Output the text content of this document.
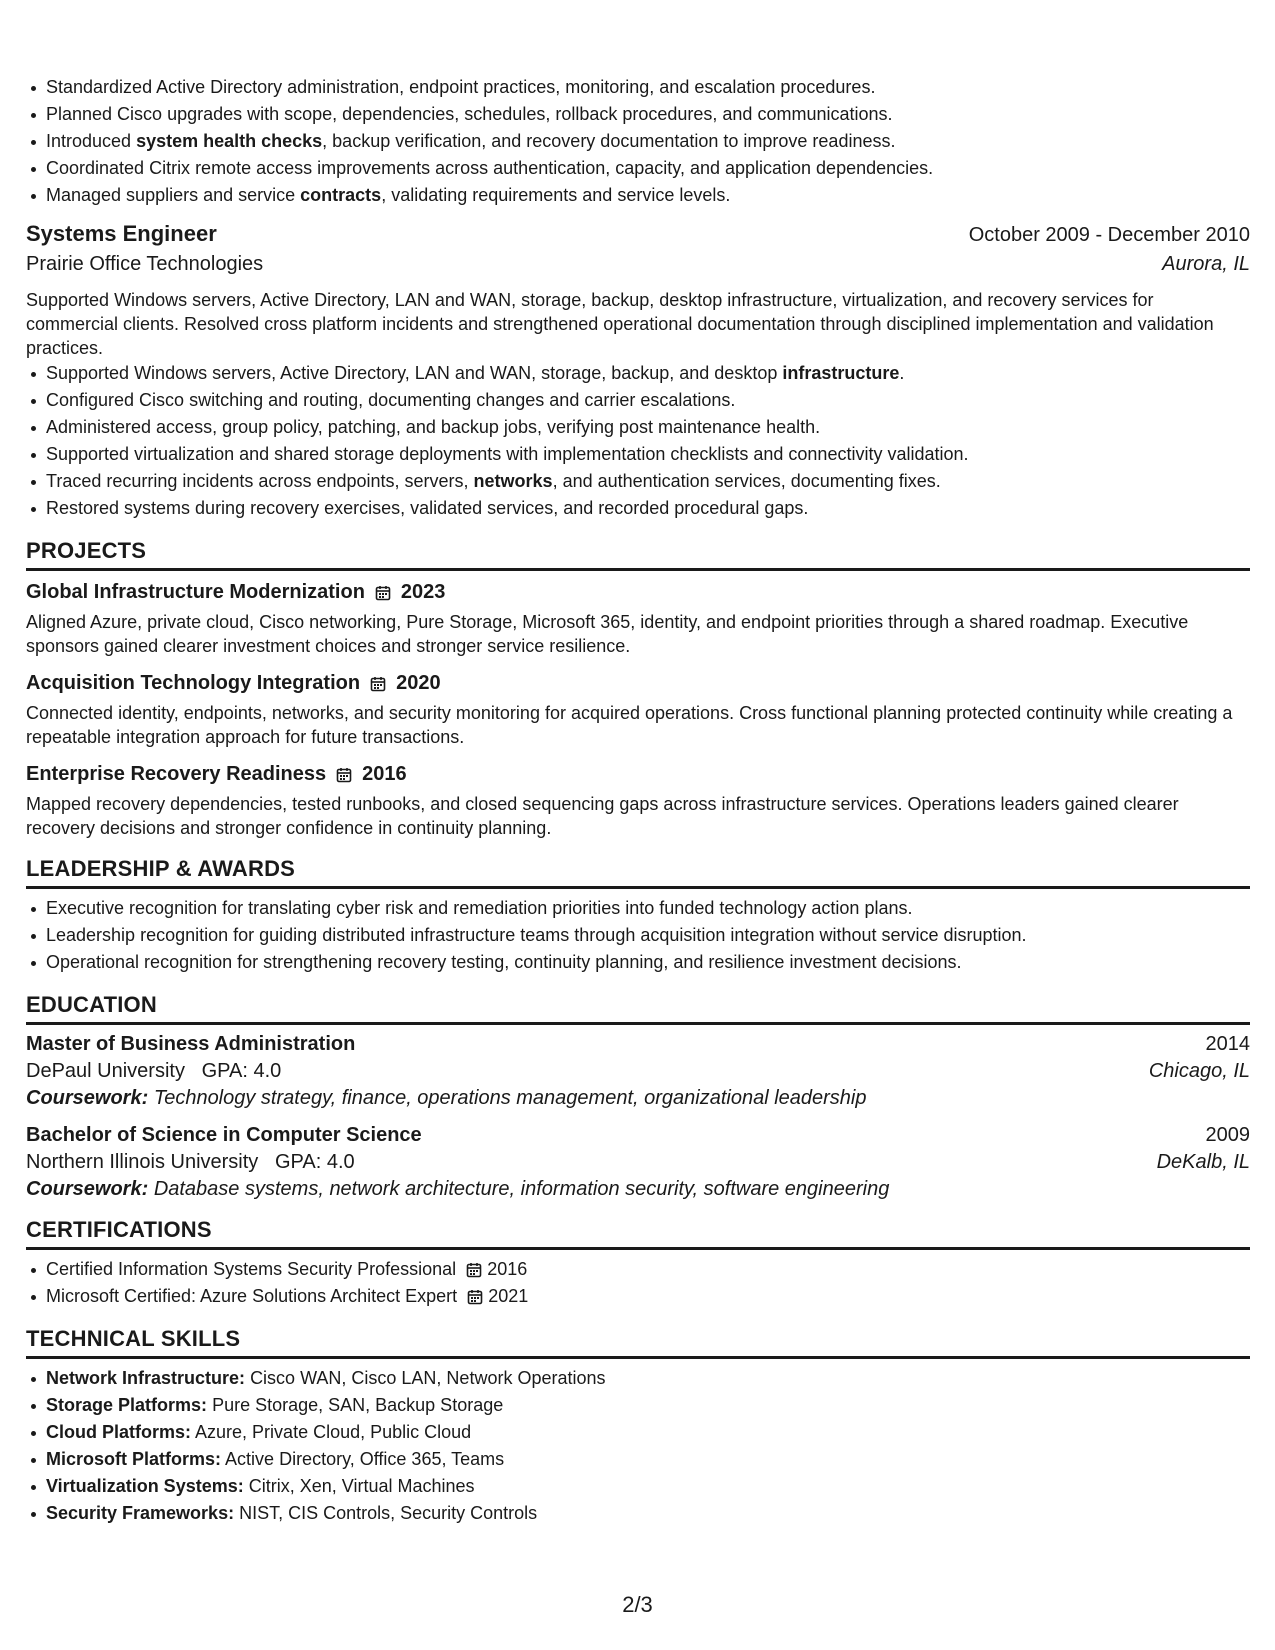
Standardized Active Directory administration, endpoint practices, monitoring, and escalation procedures.
Planned Cisco upgrades with scope, dependencies, schedules, rollback procedures, and communications.
Introduced system health checks, backup verification, and recovery documentation to improve readiness.
Coordinated Citrix remote access improvements across authentication, capacity, and application dependencies.
Managed suppliers and service contracts, validating requirements and service levels.
Systems Engineer	October 2009 - December 2010
Prairie Office Technologies	Aurora, IL
Supported Windows servers, Active Directory, LAN and WAN, storage, backup, desktop infrastructure, virtualization, and recovery services for commercial clients. Resolved cross platform incidents and strengthened operational documentation through disciplined implementation and validation practices.
Supported Windows servers, Active Directory, LAN and WAN, storage, backup, and desktop infrastructure.
Configured Cisco switching and routing, documenting changes and carrier escalations.
Administered access, group policy, patching, and backup jobs, verifying post maintenance health.
Supported virtualization and shared storage deployments with implementation checklists and connectivity validation.
Traced recurring incidents across endpoints, servers, networks, and authentication services, documenting fixes.
Restored systems during recovery exercises, validated services, and recorded procedural gaps.
PROJECTS
Global Infrastructure Modernization 2023
Aligned Azure, private cloud, Cisco networking, Pure Storage, Microsoft 365, identity, and endpoint priorities through a shared roadmap. Executive sponsors gained clearer investment choices and stronger service resilience.
Acquisition Technology Integration 2020
Connected identity, endpoints, networks, and security monitoring for acquired operations. Cross functional planning protected continuity while creating a repeatable integration approach for future transactions.
Enterprise Recovery Readiness 2016
Mapped recovery dependencies, tested runbooks, and closed sequencing gaps across infrastructure services. Operations leaders gained clearer recovery decisions and stronger confidence in continuity planning.
LEADERSHIP & AWARDS
Executive recognition for translating cyber risk and remediation priorities into funded technology action plans.
Leadership recognition for guiding distributed infrastructure teams through acquisition integration without service disruption.
Operational recognition for strengthening recovery testing, continuity planning, and resilience investment decisions.
EDUCATION
Master of Business Administration	2014
DePaul University GPA: 4.0	Chicago, IL
Coursework: Technology strategy, finance, operations management, organizational leadership
Bachelor of Science in Computer Science	2009
Northern Illinois University GPA: 4.0	DeKalb, IL
Coursework: Database systems, network architecture, information security, software engineering
CERTIFICATIONS
Certified Information Systems Security Professional 2016
Microsoft Certified: Azure Solutions Architect Expert 2021
TECHNICAL SKILLS
Network Infrastructure: Cisco WAN, Cisco LAN, Network Operations
Storage Platforms: Pure Storage, SAN, Backup Storage
Cloud Platforms: Azure, Private Cloud, Public Cloud
Microsoft Platforms: Active Directory, Office 365, Teams
Virtualization Systems: Citrix, Xen, Virtual Machines
Security Frameworks: NIST, CIS Controls, Security Controls
2/3
